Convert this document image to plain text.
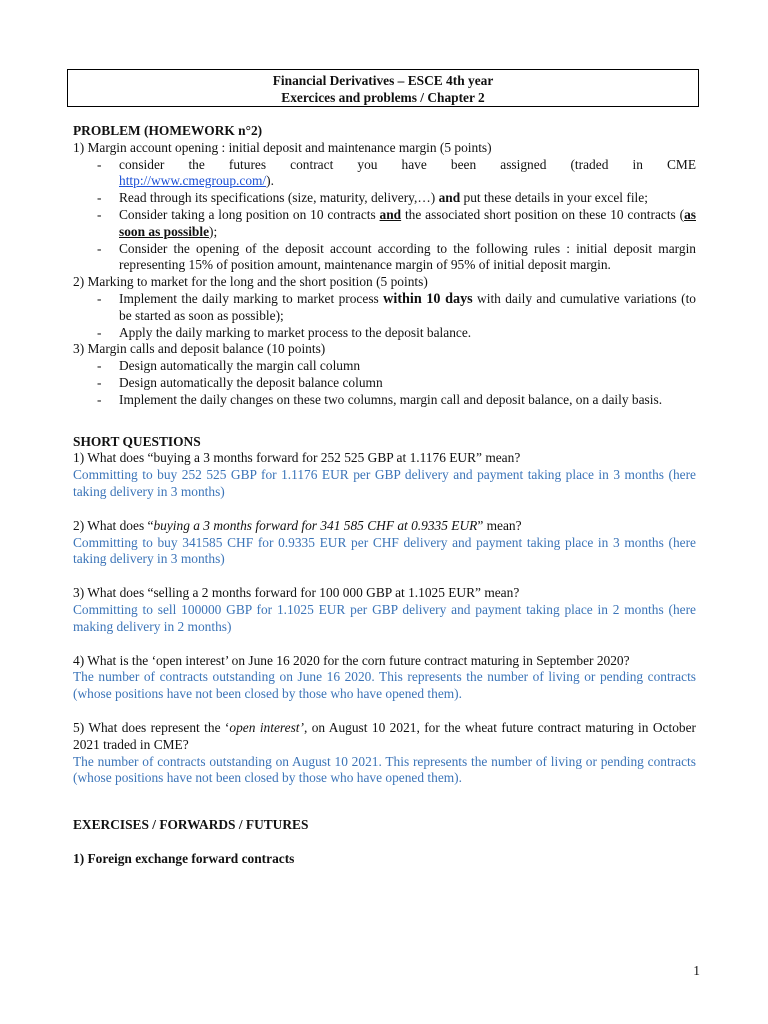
Financial Derivatives – ESCE 4th year
Exercices and problems / Chapter 2
PROBLEM (HOMEWORK n°2)
1) Margin account opening : initial deposit and maintenance margin (5 points)
- consider the futures contract you have been assigned (traded in CME
http://www.cmegroup.com/).
- Read through its specifications (size, maturity, delivery,…) and put these details in your excel file;
- Consider taking a long position on 10 contracts and the associated short position on these 10 contracts (as soon as possible);
- Consider the opening of the deposit account according to the following rules : initial deposit margin representing 15% of position amount, maintenance margin of 95% of initial deposit margin.
2) Marking to market for the long and the short position (5 points)
- Implement the daily marking to market process within 10 days with daily and cumulative variations (to be started as soon as possible);
- Apply the daily marking to market process to the deposit balance.
3) Margin calls and deposit balance (10 points)
- Design automatically the margin call column
- Design automatically the deposit balance column
- Implement the daily changes on these two columns, margin call and deposit balance, on a daily basis.
SHORT QUESTIONS
1) What does “buying a 3 months forward for 252 525 GBP at 1.1176 EUR” mean?
Committing to buy 252 525 GBP for 1.1176 EUR per GBP delivery and payment taking place in 3 months (here taking delivery in 3 months)
2) What does “buying a 3 months forward for 341 585 CHF at 0.9335 EUR” mean?
Committing to buy 341585 CHF for 0.9335 EUR per CHF delivery and payment taking place in 3 months (here taking delivery in 3 months)
3) What does “selling a 2 months forward for 100 000 GBP at 1.1025 EUR” mean?
Committing to sell 100000 GBP for 1.1025 EUR per GBP delivery and payment taking place in 2 months (here making delivery in 2 months)
4) What is the ‘open interest’ on June 16 2020 for the corn future contract maturing in September 2020?
The number of contracts outstanding on June 16 2020. This represents the number of living or pending contracts (whose positions have not been closed by those who have opened them).
5) What does represent the ‘open interest’, on August 10 2021, for the wheat future contract maturing in October 2021 traded in CME?
The number of contracts outstanding on August 10 2021. This represents the number of living or pending contracts (whose positions have not been closed by those who have opened them).
EXERCISES / FORWARDS / FUTURES
1) Foreign exchange forward contracts
1
